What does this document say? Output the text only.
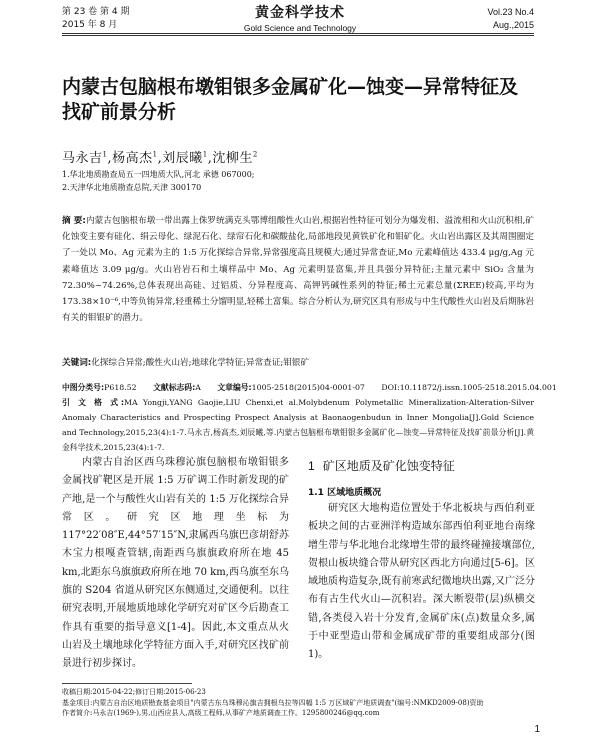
第 23 卷 第 4 期
2015 年 8 月
黄金科学技术
Gold Science and Technology
Vol.23 No.4
Aug.,2015
内蒙古包脑根布墩钼银多金属矿化—蚀变—异常特征及找矿前景分析
马永吉$^1$,杨高杰$^1$,刘辰曦$^1$,沈柳生$^2$
1.华北地质勘查局五一四地质大队,河北 承德 067000;
2.天津华北地质勘查总院,天津 300170
摘 要:内蒙古包脑根布墩一带出露上侏罗统满克头鄂博组酸性火山岩,根据岩性特征可划分为爆发相、溢流相和火山沉积相,矿化蚀变主要有硅化、绢云母化、绿泥石化、绿帘石化和碳酸盐化,局部地段见黄铁矿化和钼矿化。火山岩出露区及其周围圈定了一处以 Mo、Ag 元素为主的 1:5 万化探综合异常,异常强度高且规模大;通过异常查证,Mo 元素峰值达 433.4 μg/g,Ag 元素峰值达 3.09 μg/g。火山岩岩石和土壤样品中 Mo、Ag 元素明显富集,并且具强分异特征;主量元素中 SiO₂ 含量为 72.30%~74.26%,总体表现出高硅、过铝质、分异程度高、高钾钙碱性系列的特征;稀土元素总量(ΣREE)较高,平均为 173.38×10⁻⁶,中等负铕异常,轻重稀土分馏明显,轻稀土富集。综合分析认为,研究区具有形成与中生代酸性火山岩及后期脉岩有关的钼银矿的潜力。
关键词:化探综合异常;酸性火山岩;地球化学特征;异常查证;钼银矿
中图分类号:P618.52 文献标志码:A 文章编号:1005-2518(2015)04-0001-07 DOI:10.11872/j.issn.1005-2518.2015.04.001
引 文 格 式:MA Yongji,YANG Gaojie,LIU Chenxi,et al.Molybdenum Polymetallic Mineralization-Alteration-Silver Anomaly Characteristics and Prospecting Prospect Analysis at Baonaogenbudun in Inner Mongolia[J].Gold Science and Technology,2015,23(4):1-7.马永吉,杨高杰,刘辰曦,等.内蒙古包脑根布墩钼银多金属矿化—蚀变—异常特征及找矿前景分析[J].黄金科学技术,2015,23(4):1-7.
内蒙古自治区西乌珠穆沁旗包脑根布墩钼银多金属找矿靶区是开展 1:5 万矿调工作时新发现的矿产地,是一个与酸性火山岩有关的 1:5 万化探综合异常区。研究区地理坐标为 117°22′08″E,44°57′15″N,隶属西乌旗巴彦胡舒苏木宝力根嘎查管辖,南距西乌旗旗政府所在地 45 km,北距东乌旗旗政府所在地 70 km,西乌旗至东乌旗的 S204 省道从研究区东侧通过,交通便利。以往研究表明,开展地质地球化学研究对矿区今后勘查工作具有重要的指导意义[1-4]。因此,本文重点从火山岩及土壤地球化学特征方面入手,对研究区找矿前景进行初步探讨。
1 矿区地质及矿化蚀变特征
1.1 区域地质概况
研究区大地构造位置处于华北板块与西伯利亚板块之间的古亚洲洋构造域东部西伯利亚地台南缘增生带与华北地台北缘增生带的最终碰撞接壤部位,贺根山板块缝合带从研究区西北方向通过[5-6]。区域地质构造复杂,既有前寒武纪微地块出露,又广泛分布有古生代火山—沉积岩。深大断裂带(层)纵横交错,各类侵入岩十分发育,金属矿床(点)数量众多,属于中亚型造山带和金属成矿带的重要组成部分(图 1)。
收稿日期:2015-04-22;修订日期:2015-06-23
基金项目:内蒙古自治区地质勘查基金项目"内蒙古东乌珠穆沁旗吉拥根乌拉等四幅 1:5 万区域矿产地质调查"(编号:NMKD2009-08)资助
作者简介:马永吉(1969-),男,山西应县人,高级工程师,从事矿产地质调查工作。1295800246@qq.com
1
